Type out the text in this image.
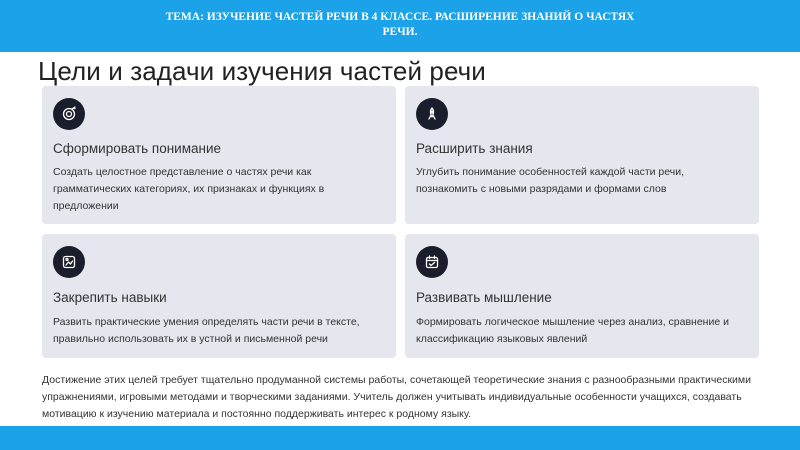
ТЕМА: ИЗУЧЕНИЕ ЧАСТЕЙ РЕЧИ В 4 КЛАССЕ. РАСШИРЕНИЕ ЗНАНИЙ О ЧАСТЯХ РЕЧИ.
Цели и задачи изучения частей речи
Сформировать понимание
Создать целостное представление о частях речи как грамматических категориях, их признаках и функциях в предложении
Расширить знания
Углубить понимание особенностей каждой части речи, познакомить с новыми разрядами и формами слов
Закрепить навыки
Развить практические умения определять части речи в тексте, правильно использовать их в устной и письменной речи
Развивать мышление
Формировать логическое мышление через анализ, сравнение и классификацию языковых явлений

Достижение этих целей требует тщательно продуманной системы работы, сочетающей теоретические знания с разнообразными практическими упражнениями, игровыми методами и творческими заданиями. Учитель должен учитывать индивидуальные особенности учащихся, создавать мотивацию к изучению материала и постоянно поддерживать интерес к родному языку.
